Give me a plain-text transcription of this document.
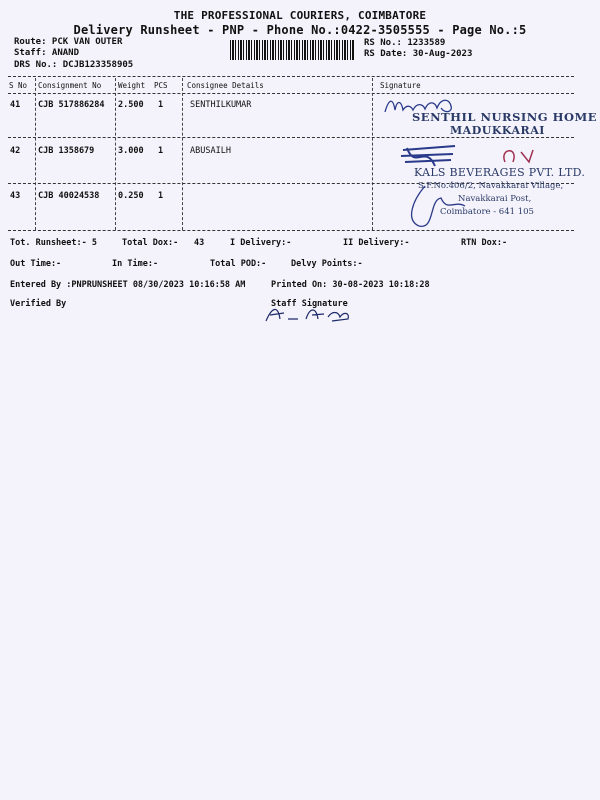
THE PROFESSIONAL COURIERS, COIMBATORE
Delivery Runsheet - PNP - Phone No.:0422-3505555 - Page No.:5
Route: PCK VAN OUTER
Staff: ANAND
DRS No.: DCJB123358905
RS No.: 1233589
RS Date: 30-Aug-2023
S No Consignment No Weight PCS	Consignee Details	Signature
41 CJB 517886284 2.500 1	SENTHILKUMAR
42 CJB 1358679	3.000 1	ABUSAILH
43 CJB 40024538 0.250 1
SENTHIL NURSING HOME
MADUKKARAI
KALS BEVERAGES PVT. LTD.
S.F.No.406/2, Navakkarai Village,
Navakkarai Post,
Coimbatore - 641 105
Tot. Runsheet:- 5	Total Dox:- 43	I Delivery:-	II Delivery:-	RTN Dox:-
Out Time:-	In Time:-	Total POD:-	Delvy Points:-
Entered By :PNPRUNSHEET 08/30/2023 10:16:58 AM	Printed On: 30-08-2023 10:18:28
Verified By	Staff Signature
